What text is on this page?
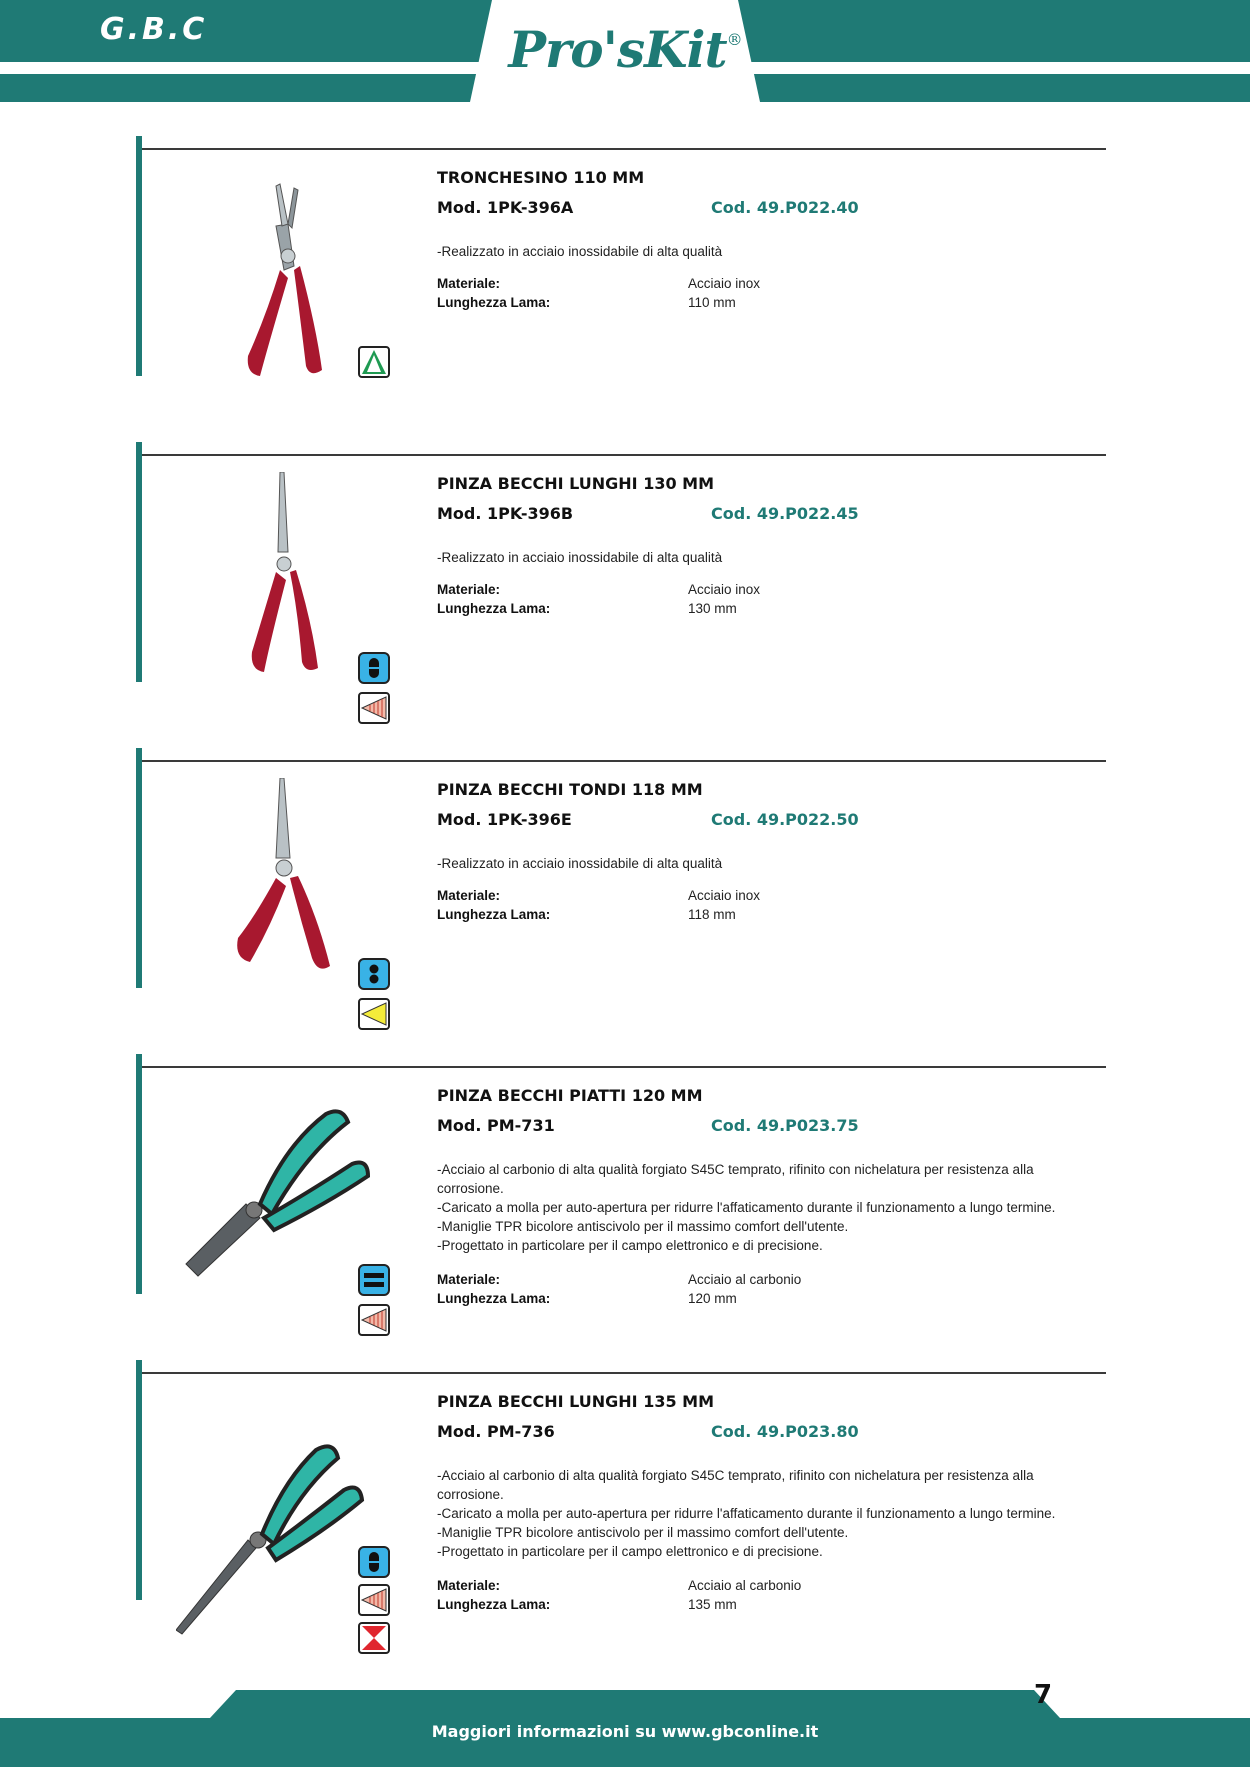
G.B.C	Pro'sKit®
TRONCHESINO 110 MM
Mod. 1PK-396A	Cod. 49.P022.40
-Realizzato in acciaio inossidabile di alta qualità
Materiale:	Acciaio inox
Lunghezza Lama:	110 mm
PINZA BECCHI LUNGHI 130 MM
Mod. 1PK-396B	Cod. 49.P022.45
-Realizzato in acciaio inossidabile di alta qualità
Materiale:	Acciaio inox
Lunghezza Lama:	130 mm
PINZA BECCHI TONDI 118 MM
Mod. 1PK-396E	Cod. 49.P022.50
-Realizzato in acciaio inossidabile di alta qualità
Materiale:	Acciaio inox
Lunghezza Lama:	118 mm
PINZA BECCHI PIATTI 120 MM
Mod. PM-731	Cod. 49.P023.75
-Acciaio al carbonio di alta qualità forgiato S45C temprato, rifinito con nichelatura per resistenza alla
corrosione.
-Caricato a molla per auto-apertura per ridurre l'affaticamento durante il funzionamento a lungo termine.
-Maniglie TPR bicolore antiscivolo per il massimo comfort dell'utente.
-Progettato in particolare per il campo elettronico e di precisione.
Materiale:	Acciaio al carbonio
Lunghezza Lama:	120 mm
PINZA BECCHI LUNGHI 135 MM
Mod. PM-736	Cod. 49.P023.80
-Acciaio al carbonio di alta qualità forgiato S45C temprato, rifinito con nichelatura per resistenza alla
corrosione.
-Caricato a molla per auto-apertura per ridurre l'affaticamento durante il funzionamento a lungo termine.
-Maniglie TPR bicolore antiscivolo per il massimo comfort dell'utente.
-Progettato in particolare per il campo elettronico e di precisione.
Materiale:	Acciaio al carbonio
Lunghezza Lama:	135 mm
Maggiori informazioni su www.gbconline.it
7
